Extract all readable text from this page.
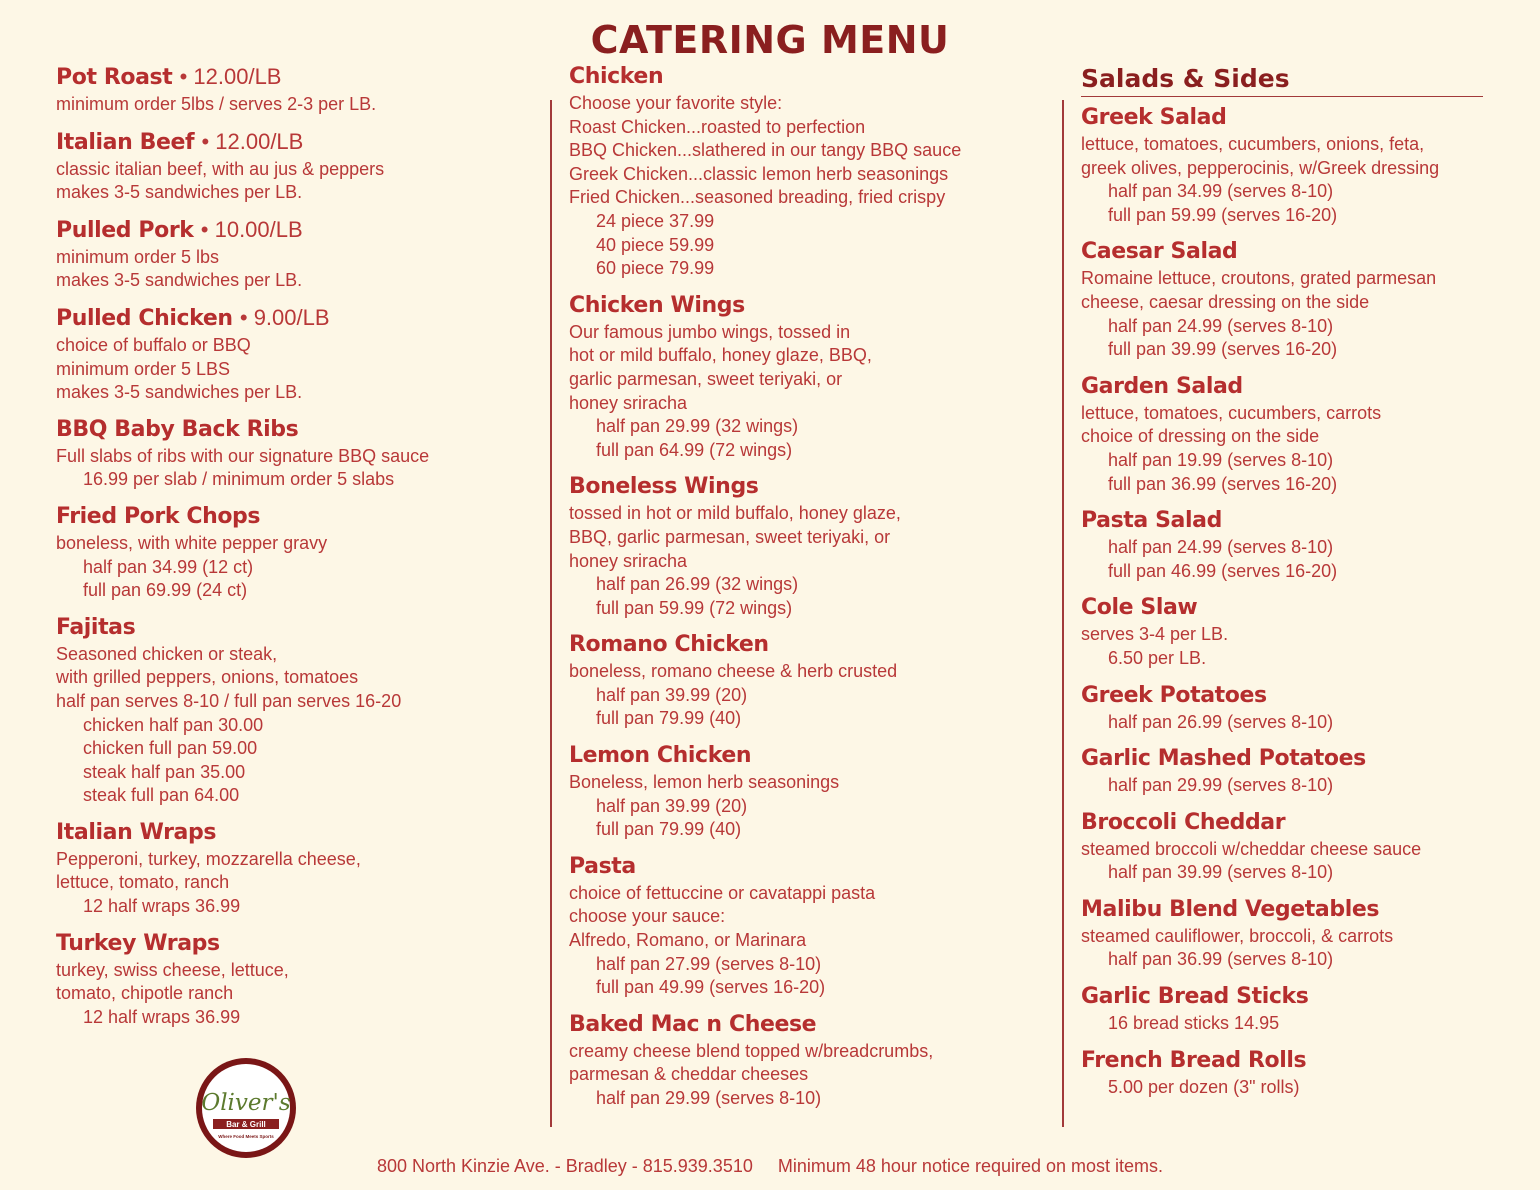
CATERING MENU
Pot Roast • 12.00/LB
minimum order 5lbs / serves 2-3 per LB.
Italian Beef • 12.00/LB
classic italian beef, with au jus & peppers
makes 3-5 sandwiches per LB.
Pulled Pork • 10.00/LB
minimum order 5 lbs
makes 3-5 sandwiches per LB.
Pulled Chicken • 9.00/LB
choice of buffalo or BBQ
minimum order 5 LBS
makes 3-5 sandwiches per LB.
BBQ Baby Back Ribs
Full slabs of ribs with our signature BBQ sauce
16.99 per slab / minimum order 5 slabs
Fried Pork Chops
boneless, with white pepper gravy
half pan 34.99 (12 ct)
full pan 69.99 (24 ct)
Fajitas
Seasoned chicken or steak,
with grilled peppers, onions, tomatoes
half pan serves 8-10 / full pan serves 16-20
chicken half pan 30.00
chicken full pan 59.00
steak half pan 35.00
steak full pan 64.00
Italian Wraps
Pepperoni, turkey, mozzarella cheese,
lettuce, tomato, ranch
12 half wraps 36.99
Turkey Wraps
turkey, swiss cheese, lettuce,
tomato, chipotle ranch
12 half wraps 36.99
Chicken
Choose your favorite style:
Roast Chicken...roasted to perfection
BBQ Chicken...slathered in our tangy BBQ sauce
Greek Chicken...classic lemon herb seasonings
Fried Chicken...seasoned breading, fried crispy
24 piece 37.99
40 piece 59.99
60 piece 79.99
Chicken Wings
Our famous jumbo wings, tossed in
hot or mild buffalo, honey glaze, BBQ,
garlic parmesan, sweet teriyaki, or
honey sriracha
half pan 29.99 (32 wings)
full pan 64.99 (72 wings)
Boneless Wings
tossed in hot or mild buffalo, honey glaze,
BBQ, garlic parmesan, sweet teriyaki, or
honey sriracha
half pan 26.99 (32 wings)
full pan 59.99 (72 wings)
Romano Chicken
boneless, romano cheese & herb crusted
half pan 39.99 (20)
full pan 79.99 (40)
Lemon Chicken
Boneless, lemon herb seasonings
half pan 39.99 (20)
full pan 79.99 (40)
Pasta
choice of fettuccine or cavatappi pasta
choose your sauce:
Alfredo, Romano, or Marinara
half pan 27.99 (serves 8-10)
full pan 49.99 (serves 16-20)
Baked Mac n Cheese
creamy cheese blend topped w/breadcrumbs,
parmesan & cheddar cheeses
half pan 29.99 (serves 8-10)
Salads & Sides
Greek Salad
lettuce, tomatoes, cucumbers, onions, feta,
greek olives, pepperocinis, w/Greek dressing
half pan 34.99 (serves 8-10)
full pan 59.99 (serves 16-20)
Caesar Salad
Romaine lettuce, croutons, grated parmesan
cheese, caesar dressing on the side
half pan 24.99 (serves 8-10)
full pan 39.99 (serves 16-20)
Garden Salad
lettuce, tomatoes, cucumbers, carrots
choice of dressing on the side
half pan 19.99 (serves 8-10)
full pan 36.99 (serves 16-20)
Pasta Salad
half pan 24.99 (serves 8-10)
full pan 46.99 (serves 16-20)
Cole Slaw
serves 3-4 per LB.
6.50 per LB.
Greek Potatoes
half pan 26.99 (serves 8-10)
Garlic Mashed Potatoes
half pan 29.99 (serves 8-10)
Broccoli Cheddar
steamed broccoli w/cheddar cheese sauce
half pan 39.99 (serves 8-10)
Malibu Blend Vegetables
steamed cauliflower, broccoli, & carrots
half pan 36.99 (serves 8-10)
Garlic Bread Sticks
16 bread sticks 14.95
French Bread Rolls
5.00 per dozen (3" rolls)
Oliver's
Bar & Grill
Where Food Meets Sports
800 North Kinzie Ave. - Bradley - 815.939.3510 Minimum 48 hour notice required on most items.
